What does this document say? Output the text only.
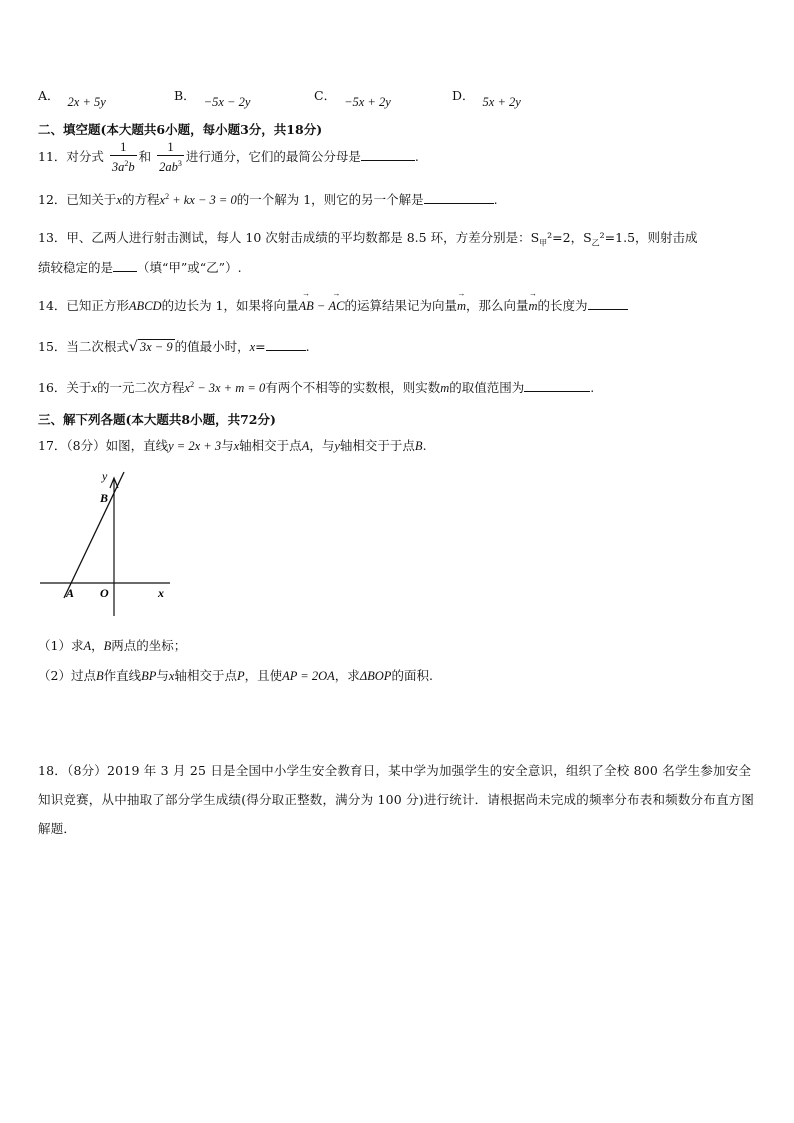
A． 2x + 5y	B． −5x − 2y	C． −5x + 2y	D． 5x + 2y
二、填空题(本大题共6小题，每小题3分，共18分)
11．对分式 $\frac{1}{3a^2b}$ 和 $\frac{1}{2ab^3}$ 进行通分，它们的最简公分母是	.
12．已知关于x的方程$x^2$ + kx − 3 = 0的一个解为 1，则它的另一个解是	.
13．甲、乙两人进行射击测试，每人 10 次射击成绩的平均数都是 8.5 环，方差分别是：$S_甲^2=2$，$S_乙^2=1.5$，则射击成
绩较稳定的是 （填“甲”或“乙”）.
14．已知正方形ABCD的边长为 1，如果将向量→ AB − → AC的运算结果记为向量→ m，那么向量→ m的长度为
15．当二次根式√ 3x − 9 的值最小时，x=	.
16．关于x的一元二次方程$x^2 - 3x + m = 0$有两个不相等的实数根，则实数m的取值范围为	.
三、解下列各题(本大题共8小题，共72分)
17．（8分）如图，直线y = 2x + 3与x轴相交于点A，与y轴相交于于点B.
y
B
A O	x
（1）求A，B两点的坐标；
（2）过点B作直线BP与x轴相交于点P，且使AP = 2OA，求ΔBOP的面积.
18．（8分）2019 年 3 月 25 日是全国中小学生安全教育日，某中学为加强学生的安全意识，组织了全校 800 名学生参加安全知识竞赛，从中抽取了部分学生成绩(得分取正整数，满分为 100 分)进行统计．请根据尚未完成的频率分布表和频数分布直方图解题．
